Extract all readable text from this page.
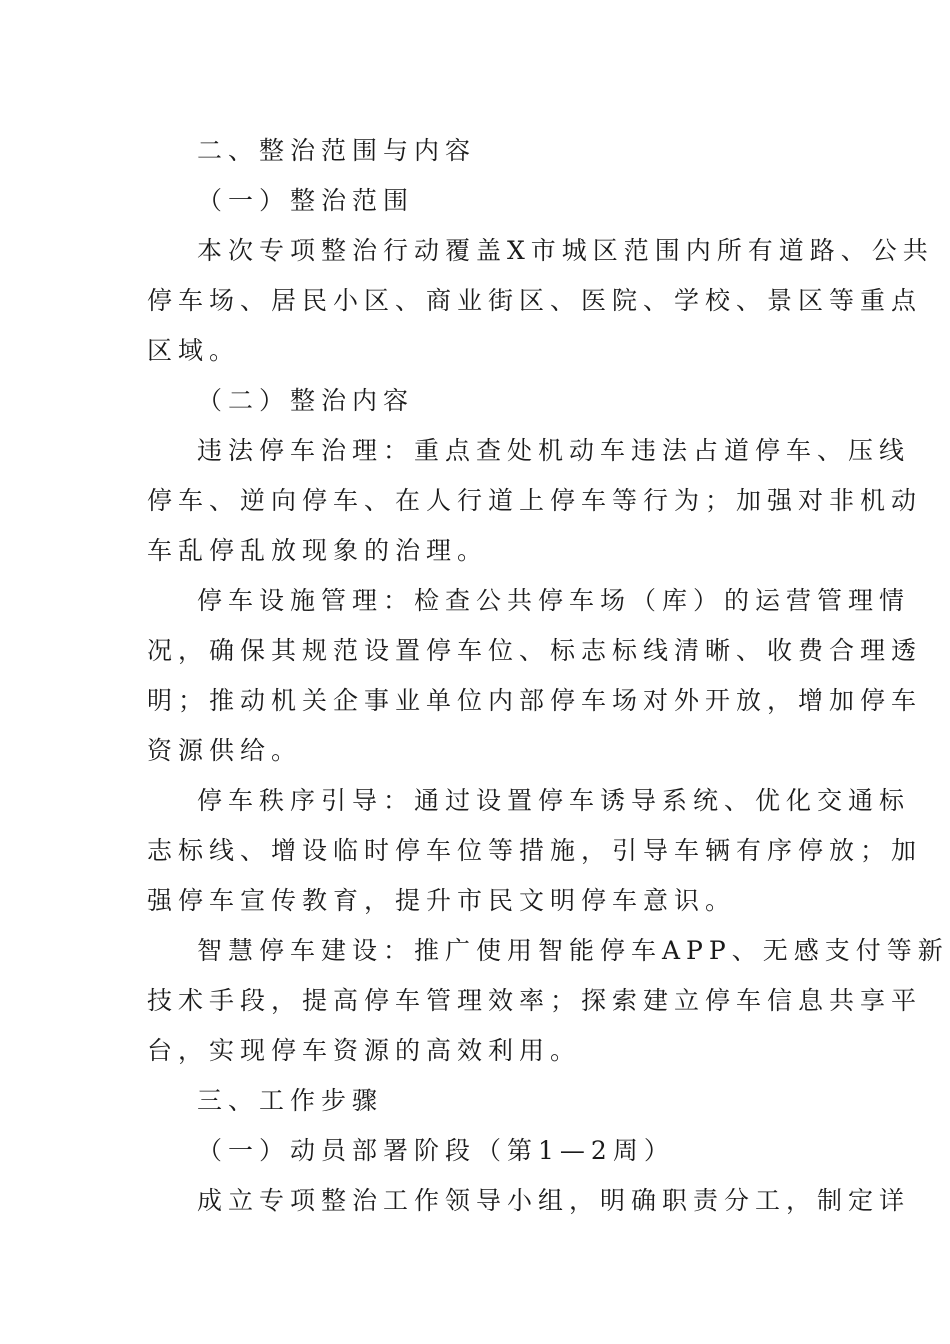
二、整治范围与内容
（一）整治范围
本次专项整治行动覆盖X市城区范围内所有道路、公共
停车场、居民小区、商业街区、医院、学校、景区等重点
区域。
（二）整治内容
违法停车治理：重点查处机动车违法占道停车、压线
停车、逆向停车、在人行道上停车等行为；加强对非机动
车乱停乱放现象的治理。
停车设施管理：检查公共停车场（库）的运营管理情
况，确保其规范设置停车位、标志标线清晰、收费合理透
明；推动机关企事业单位内部停车场对外开放，增加停车
资源供给。
停车秩序引导：通过设置停车诱导系统、优化交通标
志标线、增设临时停车位等措施，引导车辆有序停放；加
强停车宣传教育，提升市民文明停车意识。
智慧停车建设：推广使用智能停车APP、无感支付等新
技术手段，提高停车管理效率；探索建立停车信息共享平
台，实现停车资源的高效利用。
三、工作步骤
（一）动员部署阶段（第1—2周）
成立专项整治工作领导小组，明确职责分工，制定详
